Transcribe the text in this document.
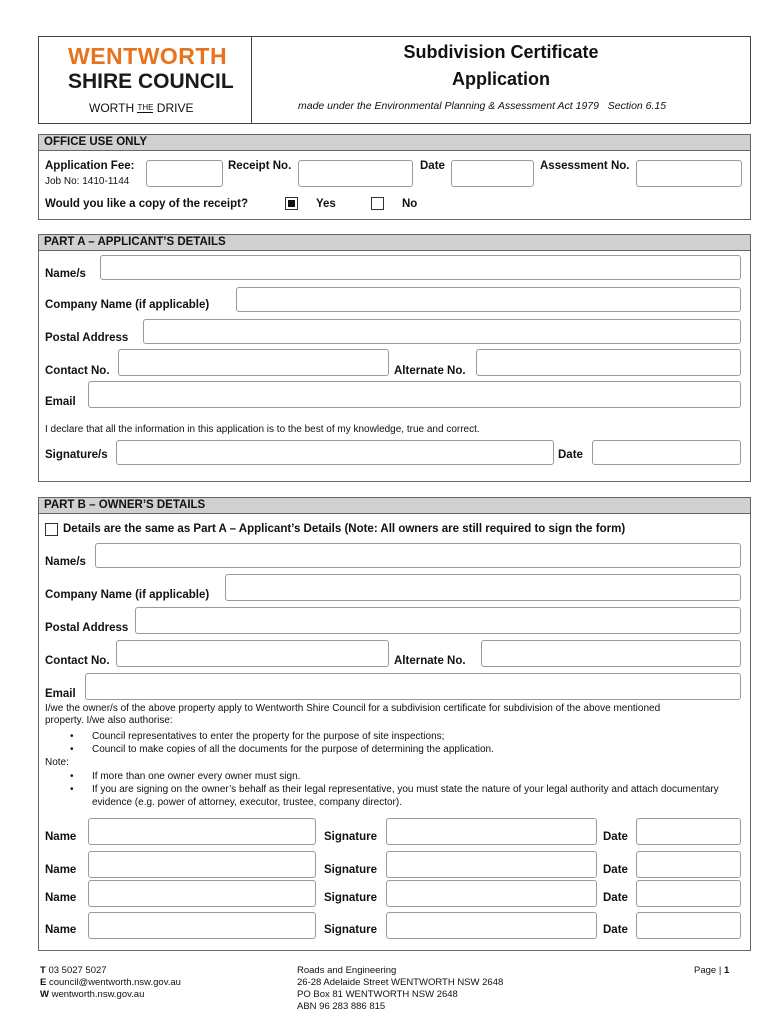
WENTWORTH
SHIRE COUNCIL
WORTH THE DRIVE
Subdivision Certificate
Application
made under the Environmental Planning & Assessment Act 1979   Section 6.15
OFFICE USE ONLY
Application Fee:
Job No: 1410-1144
Receipt No.	Date	Assessment No.
Would you like a copy of the receipt?	Yes	No
PART A – APPLICANT’S DETAILS
Name/s
Company Name (if applicable)
Postal Address
Contact No.	Alternate No.
Email
I declare that all the information in this application is to the best of my knowledge, true and correct.
Signature/s	Date
PART B – OWNER’S DETAILS
Details are the same as Part A – Applicant’s Details (Note: All owners are still required to sign the form)
Name/s
Company Name (if applicable)
Postal Address
Contact No.	Alternate No.
Email
I/we the owner/s of the above property apply to Wentworth Shire Council for a subdivision certificate for subdivision of the above mentioned
property. I/we also authorise:
• Council representatives to enter the property for the purpose of site inspections;
• Council to make copies of all the documents for the purpose of determining the application.
Note:
• If more than one owner every owner must sign.
• If you are signing on the owner’s behalf as their legal representative, you must state the nature of your legal authority and attach documentary evidence (e.g. power of attorney, executor, trustee, company director).
Name	Signature	Date
Name	Signature	Date
Name	Signature	Date
Name	Signature	Date
T 03 5027 5027
E council@wentworth.nsw.gov.au
W wentworth.nsw.gov.au
Roads and Engineering
26-28 Adelaide Street WENTWORTH NSW 2648
PO Box 81 WENTWORTH NSW 2648
ABN 96 283 886 815
Page | 1
